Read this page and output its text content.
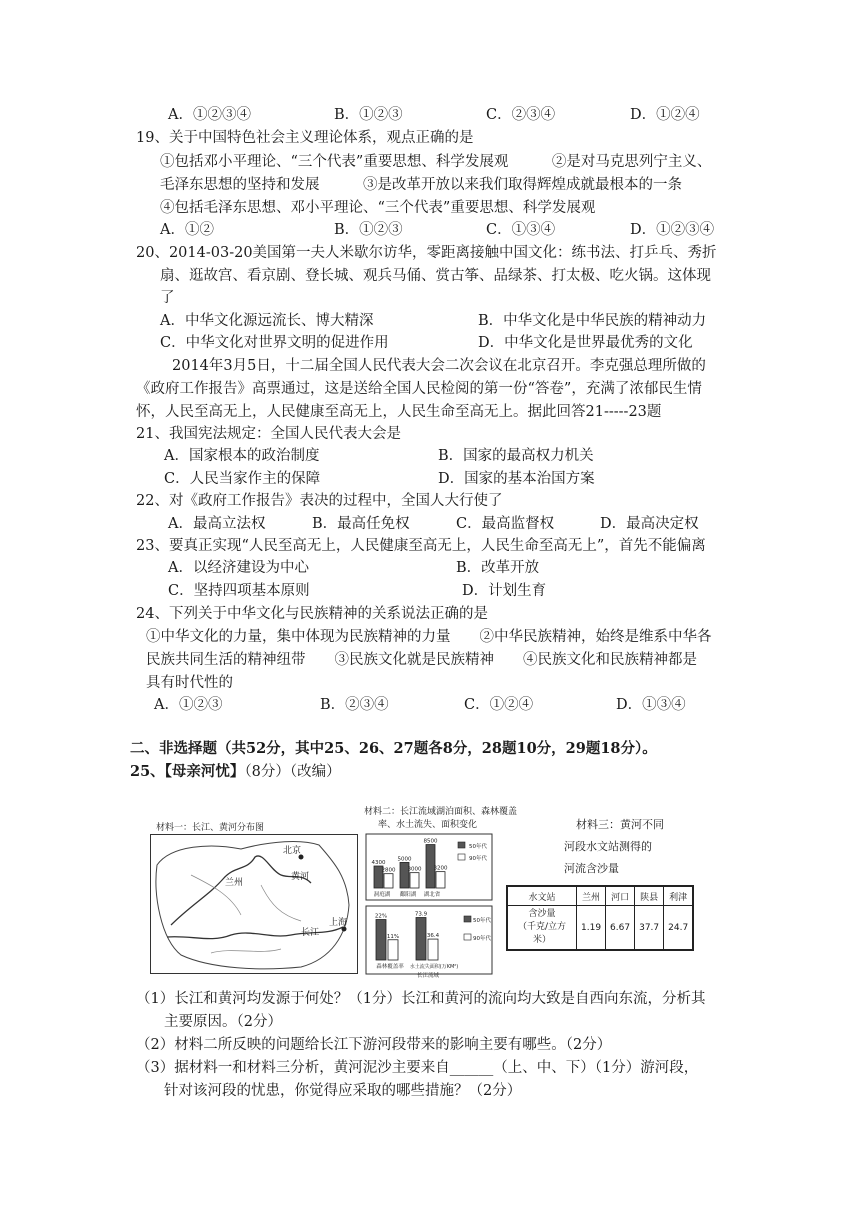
A．①②③④	B．①②③	C．②③④	D．①②④
19、关于中国特色社会主义理论体系，观点正确的是
①包括邓小平理论、“三个代表”重要思想、科学发展观　　　②是对马克思列宁主义、
毛泽东思想的坚持和发展　　　③是改革开放以来我们取得辉煌成就最根本的一条
④包括毛泽东思想、邓小平理论、“三个代表”重要思想、科学发展观
A．①②	B．①②③	C．①③④	D．①②③④
20、2014-03-20美国第一夫人米歇尔访华，零距离接触中国文化：练书法、打乒乓、秀折
扇、逛故宫、看京剧、登长城、观兵马俑、赏古筝、品绿茶、打太极、吃火锅。这体现
了
A．中华文化源远流长、博大精深	B．中华文化是中华民族的精神动力
C．中华文化对世界文明的促进作用	D．中华文化是世界最优秀的文化
2014年3月5日，十二届全国人民代表大会二次会议在北京召开。李克强总理所做的
《政府工作报告》高票通过，这是送给全国人民检阅的第一份“答卷”，充满了浓郁民生情
怀，人民至高无上，人民健康至高无上，人民生命至高无上。据此回答21-----23题
21、我国宪法规定：全国人民代表大会是
A．国家根本的政治制度	B．国家的最高权力机关
C．人民当家作主的保障	D．国家的基本治国方案
22、对《政府工作报告》表决的过程中，全国人大行使了
A．最高立法权	B．最高任免权	C．最高监督权	D．最高决定权
23、要真正实现“人民至高无上，人民健康至高无上，人民生命至高无上”，首先不能偏离
A．以经济建设为中心	B．改革开放
C．坚持四项基本原则	D．计划生育
24、下列关于中华文化与民族精神的关系说法正确的是
①中华文化的力量，集中体现为民族精神的力量　　②中华民族精神，始终是维系中华各
民族共同生活的精神纽带　　③民族文化就是民族精神　　④民族文化和民族精神都是
具有时代性的
A．①②③	B．②③④	C．①②④	D．①③④
二、非选择题（共52分，其中25、26、27题各8分，28题10分，29题18分）。
25、【母亲河忧】（8分）（改编）
材料一：长江、黄河分布图
北京
兰州
黄河
长江
上海
材料二：长江流域湖泊面积、森林覆盖
率、水土流失、面积变化
4300
2800
5000
3000
8500
3200
洞庭湖 鄱阳湖 湖北省
50年代
90年代
22%
11%
73.9
36.4
森林覆盖率 水土流失面积(万KM²)
长江流域
50年代
90年代
材料三：黄河不同
河段水文站测得的
河流含沙量
水文站	兰州	河口	陕县	利津
含沙量
（千克/立方米）	1.19	6.67	37.7	24.7
（1）长江和黄河均发源于何处？（1分）长江和黄河的流向均大致是自西向东流，分析其
主要原因。（2分）
（2）材料二所反映的问题给长江下游河段带来的影响主要有哪些。（2分）
（3）据材料一和材料三分析，黄河泥沙主要来自______（上、中、下）（1分）游河段，
针对该河段的忧患，你觉得应采取的哪些措施？（2分）
